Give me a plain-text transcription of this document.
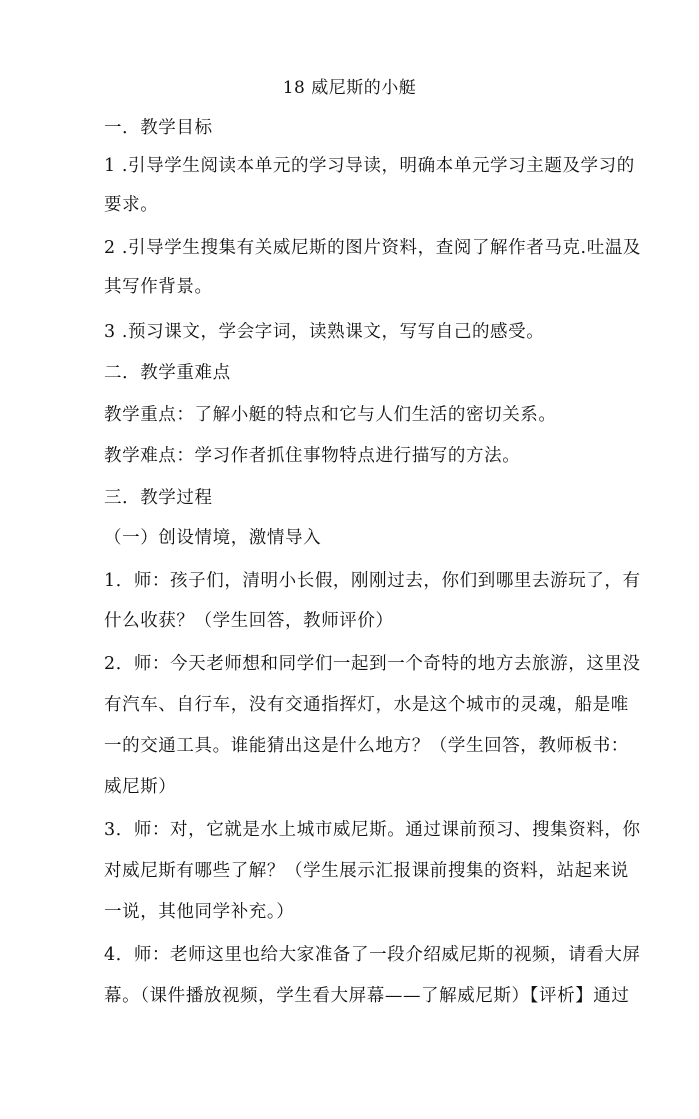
18 威尼斯的小艇
一．教学目标
1 .引导学生阅读本单元的学习导读，明确本单元学习主题及学习的
要求。
2 .引导学生搜集有关威尼斯的图片资料，查阅了解作者马克.吐温及
其写作背景。
3 .预习课文，学会字词，读熟课文，写写自己的感受。
二．教学重难点
教学重点：了解小艇的特点和它与人们生活的密切关系。
教学难点：学习作者抓住事物特点进行描写的方法。
三．教学过程
（一）创设情境，激情导入
1．师：孩子们，清明小长假，刚刚过去，你们到哪里去游玩了，有
什么收获？（学生回答，教师评价）
2．师：今天老师想和同学们一起到一个奇特的地方去旅游，这里没
有汽车、自行车，没有交通指挥灯，水是这个城市的灵魂，船是唯
一的交通工具。谁能猜出这是什么地方？（学生回答，教师板书：
威尼斯）
3．师：对，它就是水上城市威尼斯。通过课前预习、搜集资料，你
对威尼斯有哪些了解？（学生展示汇报课前搜集的资料，站起来说
一说，其他同学补充。）
4．师：老师这里也给大家准备了一段介绍威尼斯的视频，请看大屏
幕。（课件播放视频，学生看大屏幕——了解威尼斯）【评析】通过
